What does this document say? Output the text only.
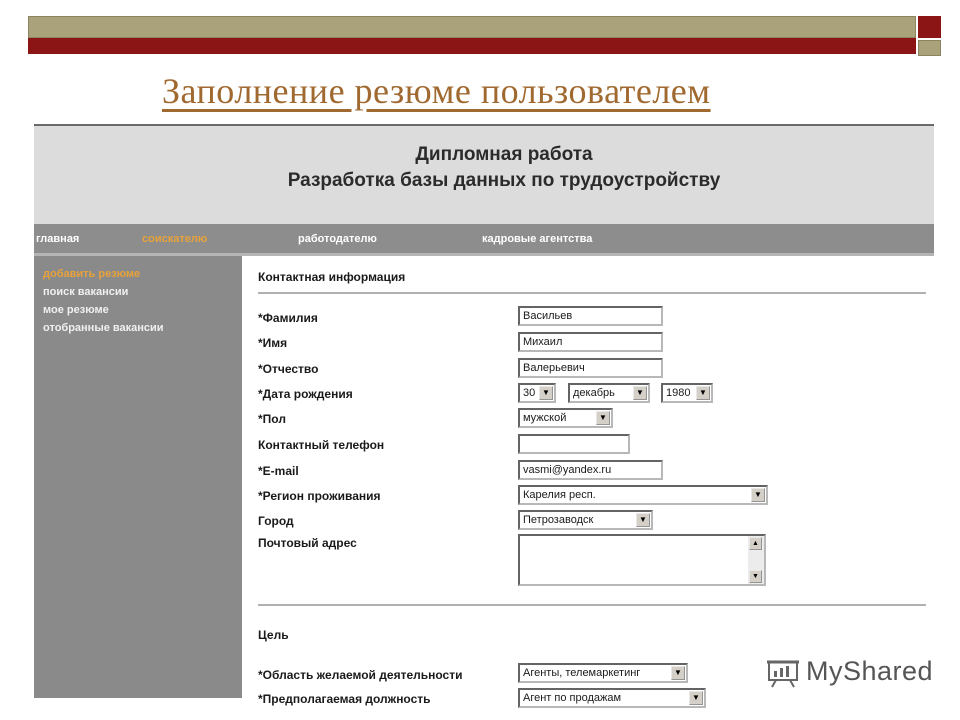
Заполнение резюме пользователем
Дипломная работа
Разработка базы данных по трудоустройству
главная	соискателю	работодателю	кадровые агентства
добавить резюме
поиск вакансии
мое резюме
отобранные вакансии
Контактная информация
*Фамилия	Васильев
*Имя	Михаил
*Отчество	Валерьевич
*Дата рождения	30 ▼	декабрь	▼	1980	▼
*Пол	мужской	▼
Контактный телефон
*E-mail	vasmi@yandex.ru
*Регион проживания	Карелия респ.	▼
Город	Петрозаводск	▼
Почтовый адрес	▲
▼
Цель
*Область желаемой деятельности	Агенты, телемаркетинг	▼
*Предполагаемая должность	Агент по продажам	▼
MyShared
